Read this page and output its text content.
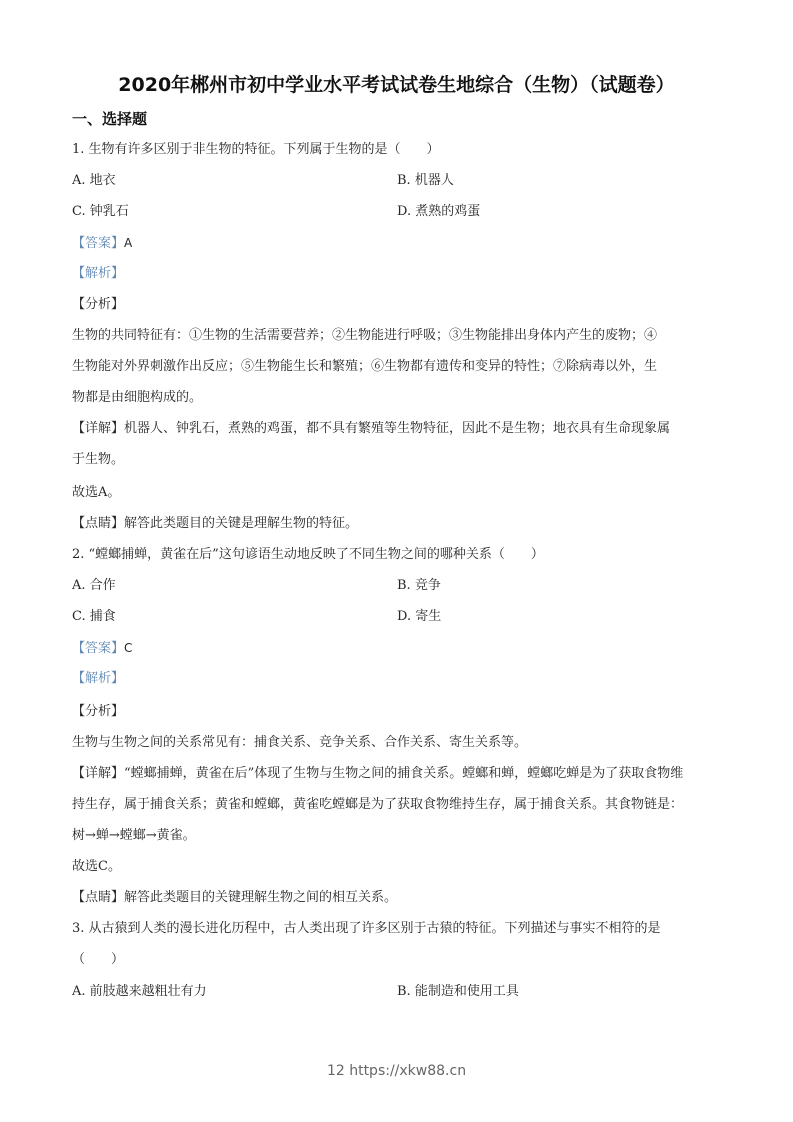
2020年郴州市初中学业水平考试试卷生地综合（生物）（试题卷）
一、选择题
1. 生物有许多区别于非生物的特征。下列属于生物的是（　　）
A. 地衣	B. 机器人
C. 钟乳石	D. 煮熟的鸡蛋
【答案】A
【解析】
【分析】
生物的共同特征有：①生物的生活需要营养；②生物能进行呼吸；③生物能排出身体内产生的废物；④
生物能对外界刺激作出反应；⑤生物能生长和繁殖；⑥生物都有遗传和变异的特性；⑦除病毒以外，生
物都是由细胞构成的。
【详解】机器人、钟乳石，煮熟的鸡蛋，都不具有繁殖等生物特征，因此不是生物；地衣具有生命现象属
于生物。
故选A。
【点睛】解答此类题目的关键是理解生物的特征。
2. “螳螂捕蝉，黄雀在后”这句谚语生动地反映了不同生物之间的哪种关系（　　）
A. 合作	B. 竞争
C. 捕食	D. 寄生
【答案】C
【解析】
【分析】
生物与生物之间的关系常见有：捕食关系、竞争关系、合作关系、寄生关系等。
【详解】“螳螂捕蝉，黄雀在后”体现了生物与生物之间的捕食关系。螳螂和蝉，螳螂吃蝉是为了获取食物维
持生存，属于捕食关系；黄雀和螳螂，黄雀吃螳螂是为了获取食物维持生存，属于捕食关系。其食物链是：
树→蝉→螳螂→黄雀。
故选C。
【点睛】解答此类题目的关键理解生物之间的相互关系。
3. 从古猿到人类的漫长进化历程中，古人类出现了许多区别于古猿的特征。下列描述与事实不相符的是
（　　）
A. 前肢越来越粗壮有力	B. 能制造和使用工具
12 https://xkw88.cn
